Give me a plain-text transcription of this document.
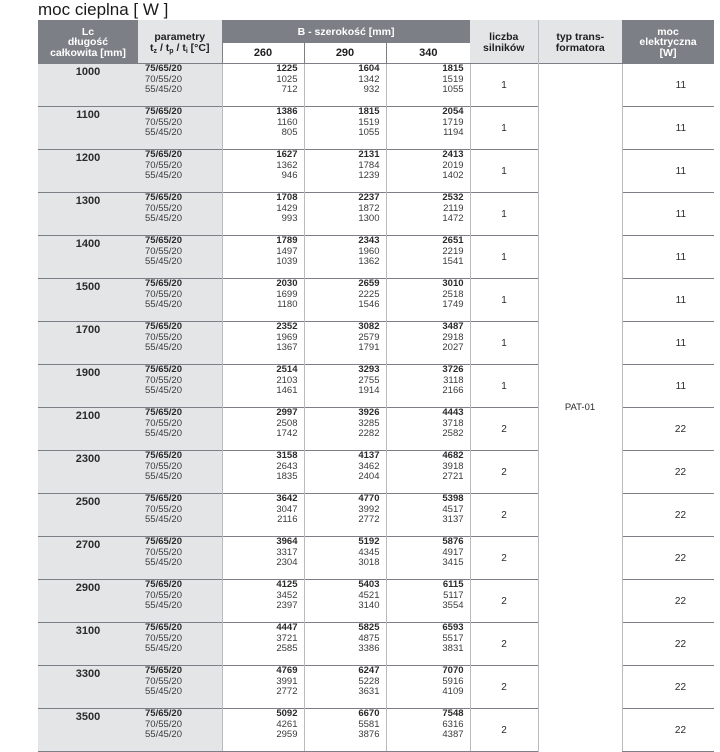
moc cieplna [ W ]
Lc
długość
całkowita [mm]	parametry
$t_z / t_p / t_i$ [°C]	B - szerokość [mm]			liczba
silników	typ trans-
formatora	moc
elektryczna
[W]

		260	290	340			
1000	75/65/20
70/55/20
55/45/20	1225
1025
712	1604
1342
932	1815
1519
1055	1	PAT-01	11
1100	75/65/20
70/55/20
55/45/20	1386
1160
805	1815
1519
1055	2054
1719
1194	1		11
1200	75/65/20
70/55/20
55/45/20	1627
1362
946	2131
1784
1239	2413
2019
1402	1		11
1300	75/65/20
70/55/20
55/45/20	1708
1429
993	2237
1872
1300	2532
2119
1472	1		11
1400	75/65/20
70/55/20
55/45/20	1789
1497
1039	2343
1960
1362	2651
2219
1541	1		11
1500	75/65/20
70/55/20
55/45/20	2030
1699
1180	2659
2225
1546	3010
2518
1749	1		11
1700	75/65/20
70/55/20
55/45/20	2352
1969
1367	3082
2579
1791	3487
2918
2027	1		11
1900	75/65/20
70/55/20
55/45/20	2514
2103
1461	3293
2755
1914	3726
3118
2166	1		11
2100	75/65/20
70/55/20
55/45/20	2997
2508
1742	3926
3285
2282	4443
3718
2582	2		22
2300	75/65/20
70/55/20
55/45/20	3158
2643
1835	4137
3462
2404	4682
3918
2721	2		22
2500	75/65/20
70/55/20
55/45/20	3642
3047
2116	4770
3992
2772	5398
4517
3137	2		22
2700	75/65/20
70/55/20
55/45/20	3964
3317
2304	5192
4345
3018	5876
4917
3415	2		22
2900	75/65/20
70/55/20
55/45/20	4125
3452
2397	5403
4521
3140	6115
5117
3554	2		22
3100	75/65/20
70/55/20
55/45/20	4447
3721
2585	5825
4875
3386	6593
5517
3831	2		22
3300	75/65/20
70/55/20
55/45/20	4769
3991
2772	6247
5228
3631	7070
5916
4109	2		22
3500	75/65/20
70/55/20
55/45/20	5092
4261
2959	6670
5581
3876	7548
6316
4387	2		22
